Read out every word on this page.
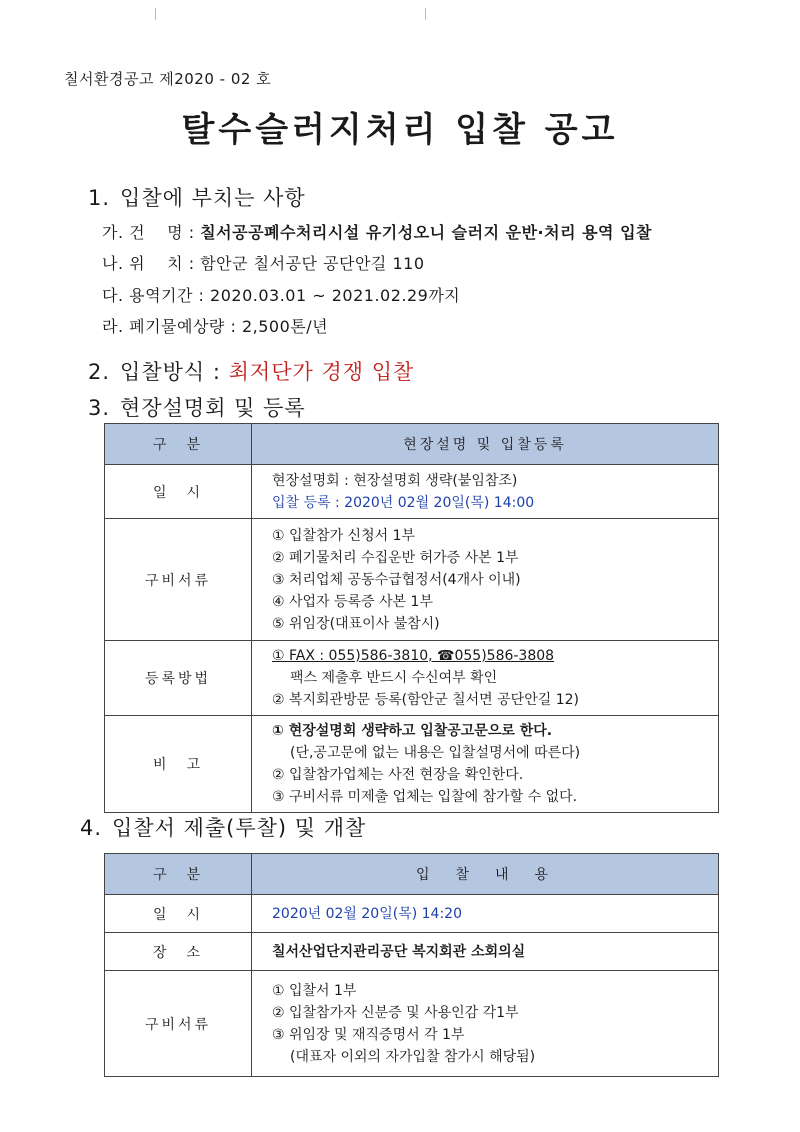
칠서환경공고 제2020 - 02 호
탈수슬러지처리 입찰 공고
1. 입찰에 부치는 사항
가. 건　 명 : 칠서공공폐수처리시설 유기성오니 슬러지 운반·처리 용역 입찰
나. 위　 치 : 함안군 칠서공단 공단안길 110
다. 용역기간 : 2020.03.01 ~ 2021.02.29까지
라. 폐기물예상량 : 2,500톤/년
2. 입찰방식 : 최저단가 경쟁 입찰
3. 현장설명회 및 등록
구　분	현장설명 및 입찰등록
일　시	현장설명회 : 현장설명회 생략(붙임참조)
입찰 등록 : 2020년 02월 20일(목) 14:00

구비서류	① 입찰참가 신청서 1부
② 폐기물처리 수집운반 허가증 사본 1부
③ 처리업체 공동수급협정서(4개사 이내)
④ 사업자 등록증 사본 1부
⑤ 위임장(대표이사 불참시)

등록방법	① FAX : 055)586-3810, ☎055)586-3808
팩스 제출후 반드시 수신여부 확인
② 복지회관방문 등록(함안군 칠서면 공단안길 12)

비　고	① 현장설명회 생략하고 입찰공고문으로 한다.
(단,공고문에 없는 내용은 입찰설명서에 따른다)
② 입찰참가업체는 사전 현장을 확인한다.
③ 구비서류 미제출 업체는 입찰에 참가할 수 없다.
4. 입찰서 제출(투찰) 및 개찰
구　분	입　찰　내　용
일　시	2020년 02월 20일(목) 14:20

장　소	칠서산업단지관리공단 복지회관 소회의실

구비서류	① 입찰서 1부
② 입찰참가자 신분증 및 사용인감 각1부
③ 위임장 및 재직증명서 각 1부
(대표자 이외의 자가입찰 참가시 해당됨)
